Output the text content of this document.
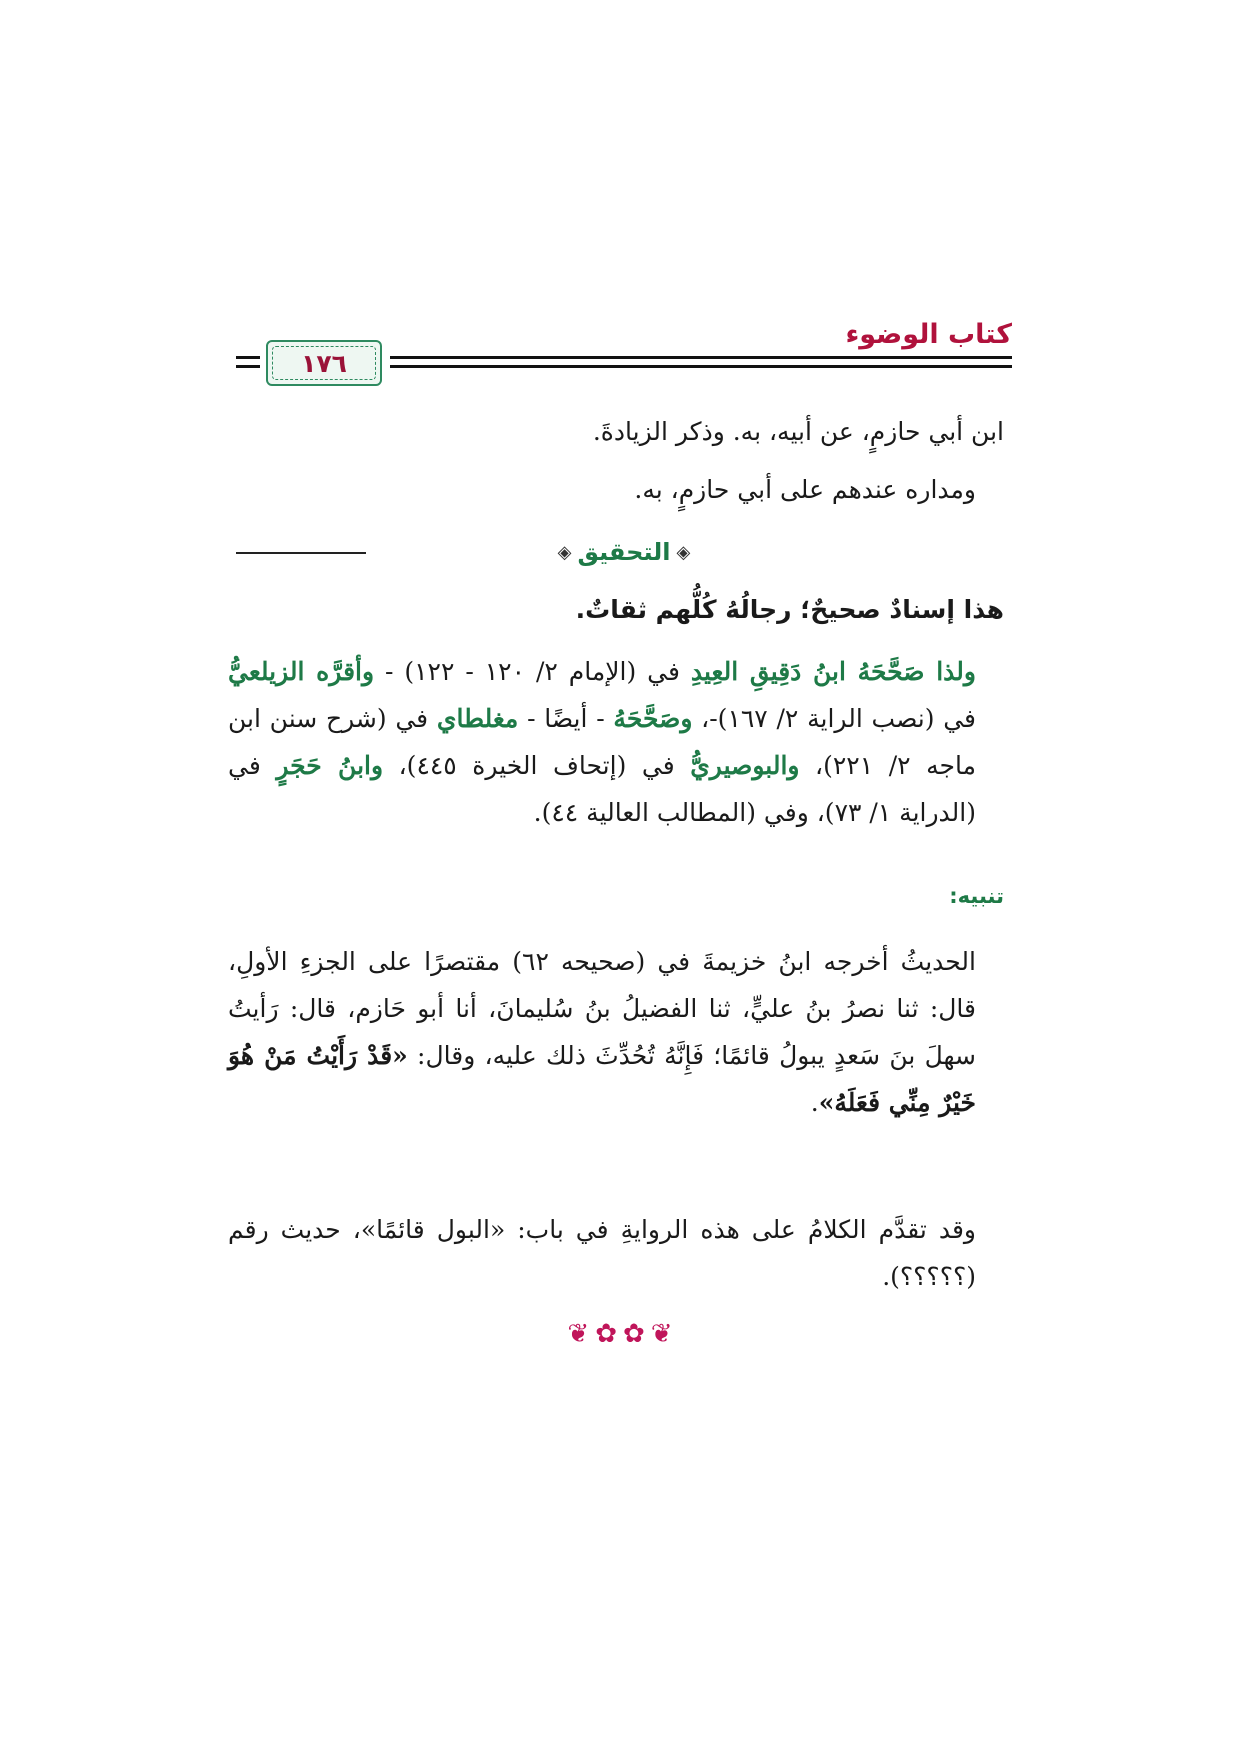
كتاب الوضوء
١٧٦

ابن أبي حازمٍ، عن أبيه، به. وذكر الزيادةَ.

ومداره عندهم على أبي حازمٍ، به.

◈التحقيق◈
هذا إسنادٌ صحيحٌ؛ رجالُهُ كُلُّهم ثقاتٌ.

ولذا صَحَّحَهُ ابنُ دَقِيقِ العِيدِ في (الإمام ٢/ ١٢٠ - ١٢٢) - وأقرَّه الزيلعيُّ في (نصب الراية ٢/ ١٦٧)-، وصَحَّحَهُ - أيضًا - مغلطاي في (شرح سنن ابن ماجه ٢/ ٢٢١)، والبوصيريُّ في (إتحاف الخيرة ٤٤٥)، وابنُ حَجَرٍ في (الدراية ١/ ٧٣)، وفي (المطالب العالية ٤٤).

تنبيه:

الحديثُ أخرجه ابنُ خزيمةَ في (صحيحه ٦٢) مقتصرًا على الجزءِ الأولِ، قال: ثنا نصرُ بنُ عليٍّ، ثنا الفضيلُ بنُ سُليمانَ، أنا أبو حَازم، قال: رَأيتُ سهلَ بنَ سَعدٍ يبولُ قائمًا؛ فَإِنَّهُ تُحُدِّثَ ذلك عليه، وقال: «قَدْ رَأَيْتُ مَنْ هُوَ خَيْرٌ مِنِّي فَعَلَهُ».

وقد تقدَّم الكلامُ على هذه الروايةِ في باب: «البول قائمًا»، حديث رقم (؟؟؟؟؟).

❦
✿
✿
❦
